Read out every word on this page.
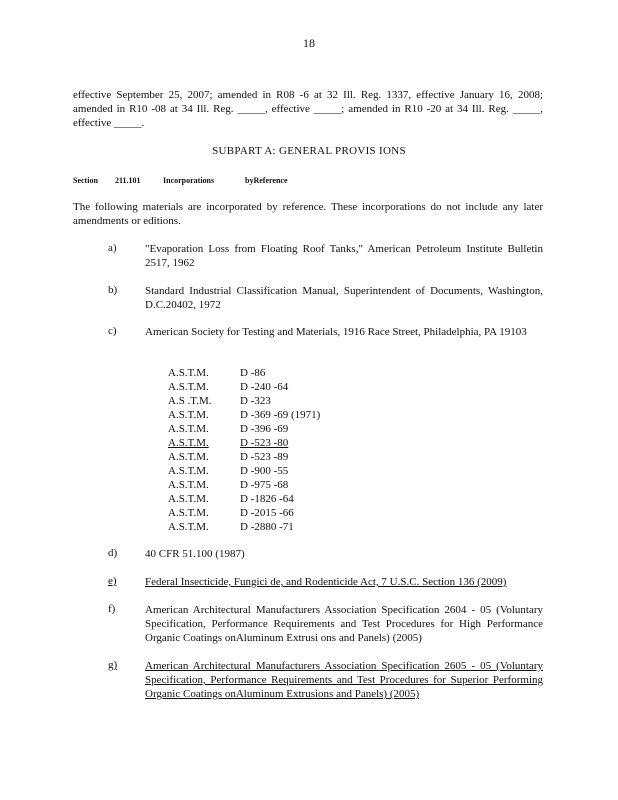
18
effective September 25, 2007; amended in R08 -6 at 32 Ill. Reg. 1337, effective January 16, 2008; amended in R10 -08 at 34 Ill. Reg. _____, effective _____; amended in R10 -20 at 34 Ill. Reg. _____, effective _____.
SUBPART A: GENERAL PROVIS IONS
Section 211.101	Incorporations	byReference
The following materials are incorporated by reference. These incorporations do not include any later amendments or editions.
a)	"Evaporation Loss from Floating Roof Tanks," American Petroleum Institute Bulletin 2517, 1962
b)	Standard Industrial Classification Manual, Superintendent of Documents, Washington, D.C.20402, 1972
c)	American Society for Testing and Materials, 1916 Race Street, Philadelphia, PA 19103
A.S.T.M.	D -86
A.S.T.M.	D -240 -64
A.S .T.M.	D -323
A.S.T.M.	D -369 -69 (1971)
A.S.T.M.	D -396 -69
A.S.T.M.	D -523 -80
A.S.T.M.	D -523 -89
A.S.T.M.	D -900 -55
A.S.T.M.	D -975 -68
A.S.T.M.	D -1826 -64
A.S.T.M.	D -2015 -66
A.S.T.M.	D -2880 -71
d)	40 CFR 51.100 (1987)
e)	Federal Insecticide, Fungici de, and Rodenticide Act, 7 U.S.C. Section 136 (2009)
f)	American Architectural Manufacturers Association Specification 2604 - 05 (Voluntary Specification, Performance Requirements and Test Procedures for High Performance Organic Coatings onAluminum Extrusi ons and Panels) (2005)
g)	American Architectural Manufacturers Association Specification 2605 - 05 (Voluntary Specification, Performance Requirements and Test Procedures for Superior Performing Organic Coatings onAluminum Extrusions and Panels) (2005)
